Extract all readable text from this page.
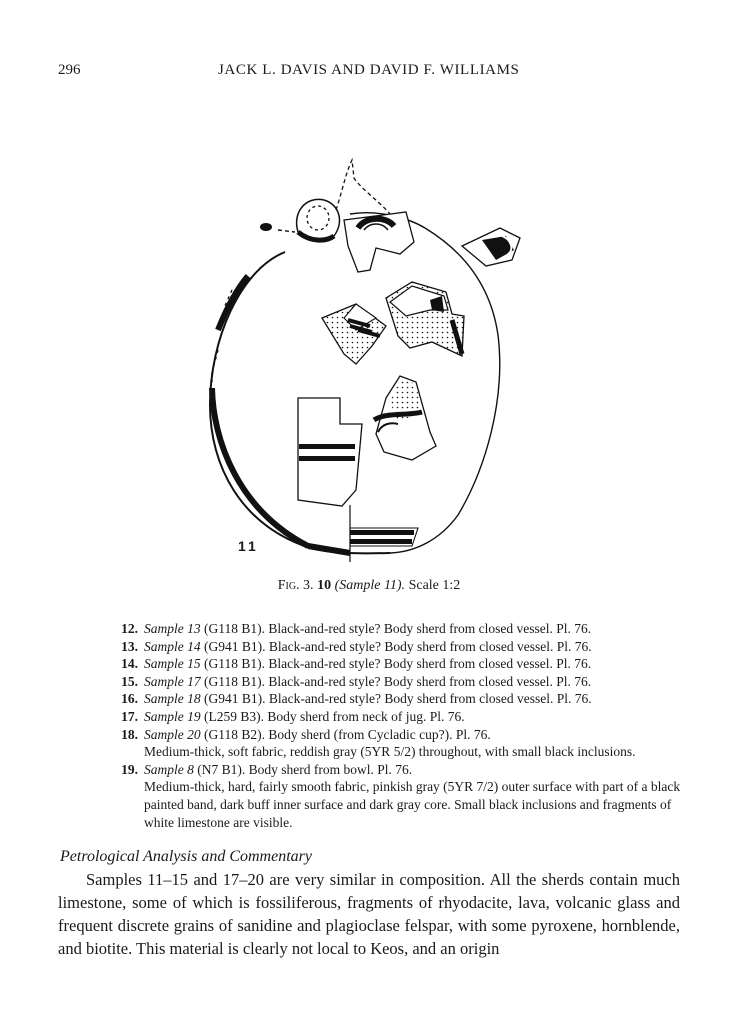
296	JACK L. DAVIS AND DAVID F. WILLIAMS
11
Fig. 3. 10 (Sample 11). Scale 1:2
12. Sample 13 (G118 B1). Black-and-red style? Body sherd from closed vessel. Pl. 76.
13. Sample 14 (G941 B1). Black-and-red style? Body sherd from closed vessel. Pl. 76.
14. Sample 15 (G118 B1). Black-and-red style? Body sherd from closed vessel. Pl. 76.
15. Sample 17 (G118 B1). Black-and-red style? Body sherd from closed vessel. Pl. 76.
16. Sample 18 (G941 B1). Black-and-red style? Body sherd from closed vessel. Pl. 76.
17. Sample 19 (L259 B3). Body sherd from neck of jug. Pl. 76.
18. Sample 20 (G118 B2). Body sherd (from Cycladic cup?). Pl. 76.
Medium-thick, soft fabric, reddish gray (5YR 5/2) throughout, with small black inclusions.
19. Sample 8 (N7 B1). Body sherd from bowl. Pl. 76.
Medium-thick, hard, fairly smooth fabric, pinkish gray (5YR 7/2) outer surface with part of a black painted band, dark buff inner surface and dark gray core. Small black inclusions and fragments of white limestone are visible.
Petrological Analysis and Commentary

Samples 11–15 and 17–20 are very similar in composition. All the sherds contain much limestone, some of which is fossiliferous, fragments of rhyodacite, lava, volcanic glass and frequent discrete grains of sanidine and plagioclase felspar, with some pyroxene, hornblende, and biotite. This material is clearly not local to Keos, and an origin
